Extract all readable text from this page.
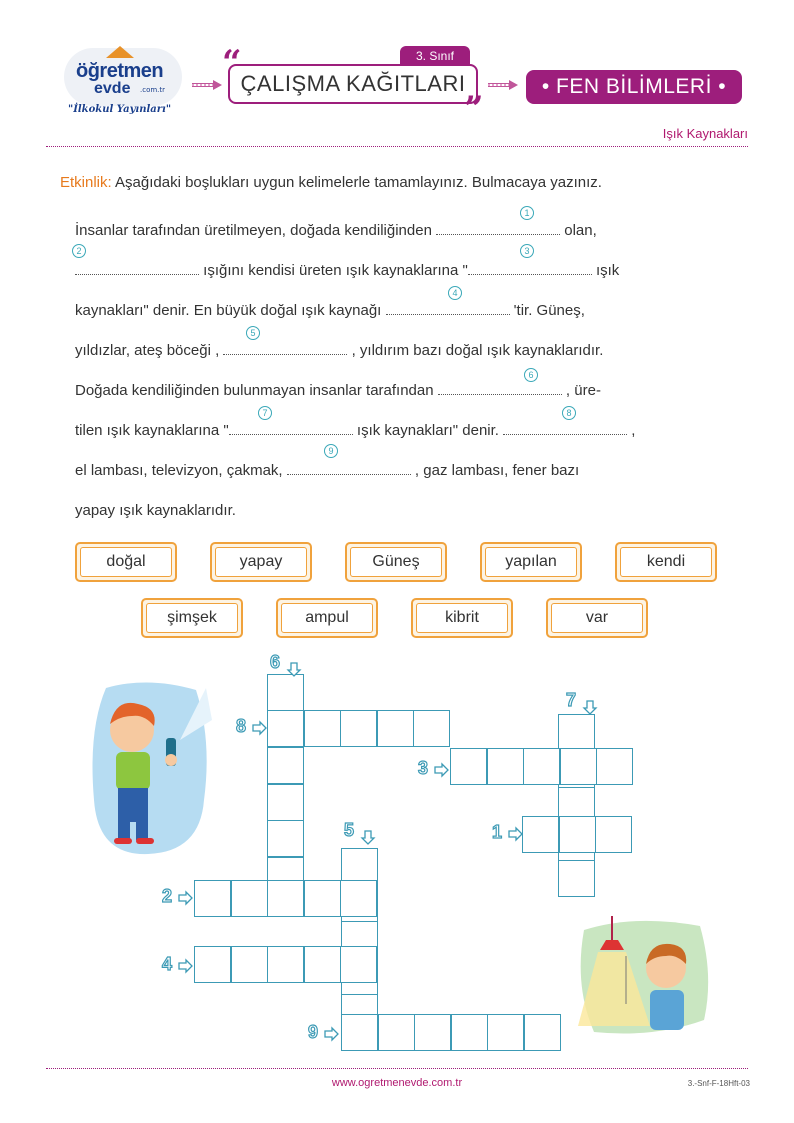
öğretmen
evde .com.tr
"İlkokul Yayınları"
3. Sınıf
ÇALIŞMA KAĞITLARI
“
”
• FEN BİLİMLERİ •
Işık Kaynakları
Etkinlik: Aşağıdaki boşlukları uygun kelimelerle tamamlayınız. Bulmacaya yazınız.
İnsanlar tarafından üretilmeyen, doğada kendiliğinden	olan,
ışığını kendisi üreten ışık kaynaklarına "	ışık
kaynakları" denir. En büyük doğal ışık kaynağı	'tir. Güneş,
yıldızlar, ateş böceği ,	, yıldırım bazı doğal ışık kaynaklarıdır.
Doğada kendiliğinden bulunmayan insanlar tarafından	, üre-
tilen ışık kaynaklarına "	ışık kaynakları" denir.	,
el lambası, televizyon, çakmak,	, gaz lambası, fener bazı
yapay ışık kaynaklarıdır.
1
2	3
4
5
6
7	8
9
doğal	yapay	Güneş	yapılan	kendi
şimşek	ampul	kibrit	var
1
2
3
4
5
6
7
8
9
www.ogretmenevde.com.tr	3.-Snf-F-18Hft-03
